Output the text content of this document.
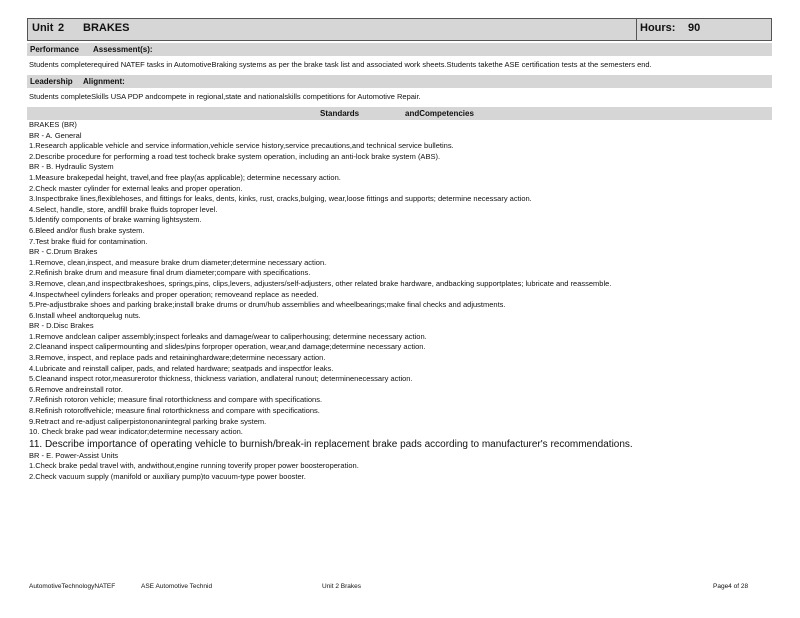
Unit 2 BRAKES	Hours: 90
Performance Assessment(s):
Students completerequired NATEF tasks in AutomotiveBraking systems as per the brake task list and associated work sheets.Students takethe ASE certification tests at the semesters end.
Leadership Alignment:
Students completeSkills USA PDP andcompete in regional,state and nationalskills competitions for Automotive Repair.
Standards	andCompetencies
BRAKES (BR)
BR - A. General
1.Research applicable vehicle and service information,vehicle service history,service precautions,and technical service bulletins.
2.Describe procedure for performing a road test tocheck brake system operation, including an anti-lock brake system (ABS).
BR - B. Hydraulic System
1.Measure brakepedal height, travel,and free play(as applicable); determine necessary action.
2.Check master cylinder for external leaks and proper operation.
3.Inspectbrake lines,flexiblehoses, and fittings for leaks, dents, kinks, rust, cracks,bulging, wear,loose fittings and supports; determine necessary action.
4.Select, handle, store, andfill brake fluids toproper level.
5.Identify components of brake warning lightsystem.
6.Bleed and/or flush brake system.
7.Test brake fluid for contamination.
BR - C.Drum Brakes
1.Remove, clean,inspect, and measure brake drum diameter;determine necessary action.
2.Refinish brake drum and measure final drum diameter;compare with specifications.
3.Remove, clean,and inspectbrakeshoes, springs,pins, clips,levers, adjusters/self-adjusters, other related brake hardware, andbacking supportplates; lubricate and reassemble.
4.Inspectwheel cylinders forleaks and proper operation; removeand replace as needed.
5.Pre-adjustbrake shoes and parking brake;install brake drums or drum/hub assemblies and wheelbearings;make final checks and adjustments.
6.Install wheel andtorquelug nuts.
BR - D.Disc Brakes
1.Remove andclean caliper assembly;inspect forleaks and damage/wear to caliperhousing; determine necessary action.
2.Cleanand inspect calipermounting and slides/pins forproper operation, wear,and damage;determine necessary action.
3.Remove, inspect, and replace pads and retaininghardware;determine necessary action.
4.Lubricate and reinstall caliper, pads, and related hardware; seatpads and inspectfor leaks.
5.Cleanand inspect rotor,measurerotor thickness, thickness variation, andlateral runout; determinenecessary action.
6.Remove andreinstall rotor.
7.Refinish rotoron vehicle; measure final rotorthickness and compare with specifications.
8.Refinish rotoroffvehicle; measure final rotorthickness and compare with specifications.
9.Retract and re-adjust caliperpistononanintegral parking brake system.
10. Check brake pad wear indicator;determine necessary action.
11. Describe importance of operating vehicle to burnish/break-in replacement brake pads according to manufacturer's recommendations.
BR - E. Power-Assist Units
1.Check brake pedal travel with, andwithout,engine running toverify proper power boosteroperation.
2.Check vacuum supply (manifold or auxiliary pump)to vacuum-type power booster.
AutomotiveTechnologyNATEF	ASE Automotive Technid	Unit 2 Brakes	Page4 of 28
